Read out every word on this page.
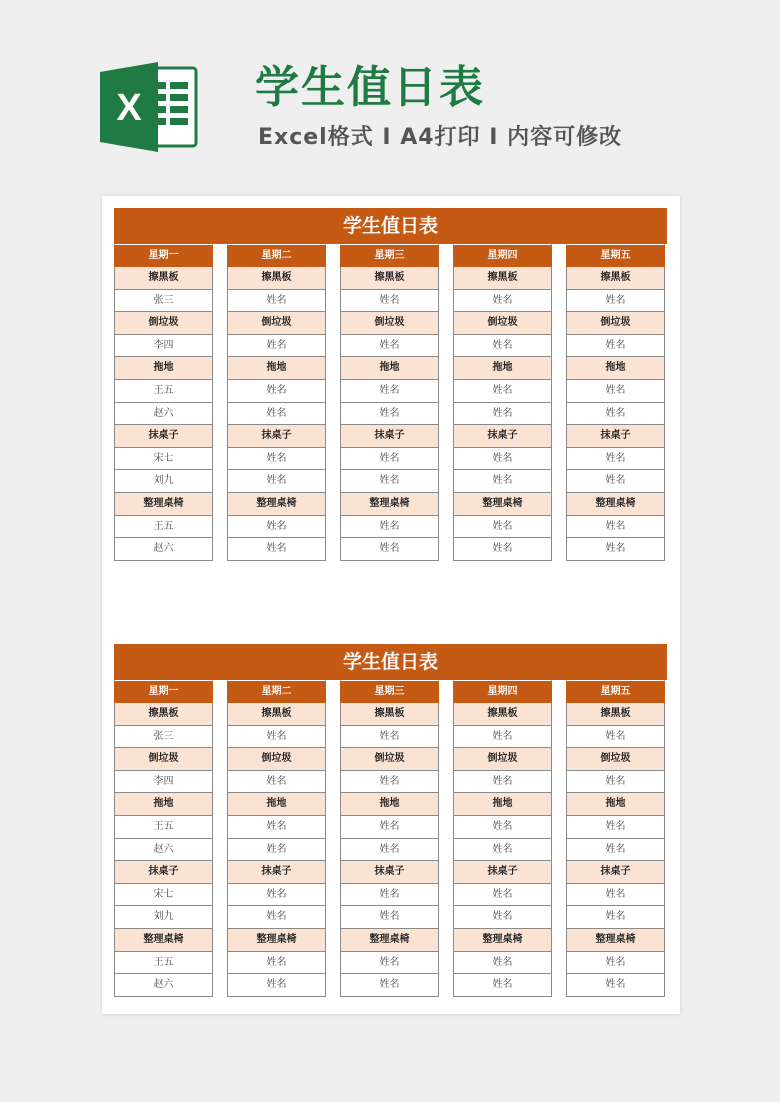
X	学生值日表
Excel格式 I A4打印 I 内容可修改
学生值日表
星期一
擦黑板
张三
倒垃圾
李四
拖地
王五
赵六
抹桌子
宋七
刘九
整理桌椅
王五
赵六
星期二
擦黑板
姓名
倒垃圾
姓名
拖地
姓名
姓名
抹桌子
姓名
姓名
整理桌椅
姓名
姓名
星期三
擦黑板
姓名
倒垃圾
姓名
拖地
姓名
姓名
抹桌子
姓名
姓名
整理桌椅
姓名
姓名
星期四
擦黑板
姓名
倒垃圾
姓名
拖地
姓名
姓名
抹桌子
姓名
姓名
整理桌椅
姓名
姓名
星期五
擦黑板
姓名
倒垃圾
姓名
拖地
姓名
姓名
抹桌子
姓名
姓名
整理桌椅
姓名
姓名
学生值日表
星期一
擦黑板
张三
倒垃圾
李四
拖地
王五
赵六
抹桌子
宋七
刘九
整理桌椅
王五
赵六
星期二
擦黑板
姓名
倒垃圾
姓名
拖地
姓名
姓名
抹桌子
姓名
姓名
整理桌椅
姓名
姓名
星期三
擦黑板
姓名
倒垃圾
姓名
拖地
姓名
姓名
抹桌子
姓名
姓名
整理桌椅
姓名
姓名
星期四
擦黑板
姓名
倒垃圾
姓名
拖地
姓名
姓名
抹桌子
姓名
姓名
整理桌椅
姓名
姓名
星期五
擦黑板
姓名
倒垃圾
姓名
拖地
姓名
姓名
抹桌子
姓名
姓名
整理桌椅
姓名
姓名
